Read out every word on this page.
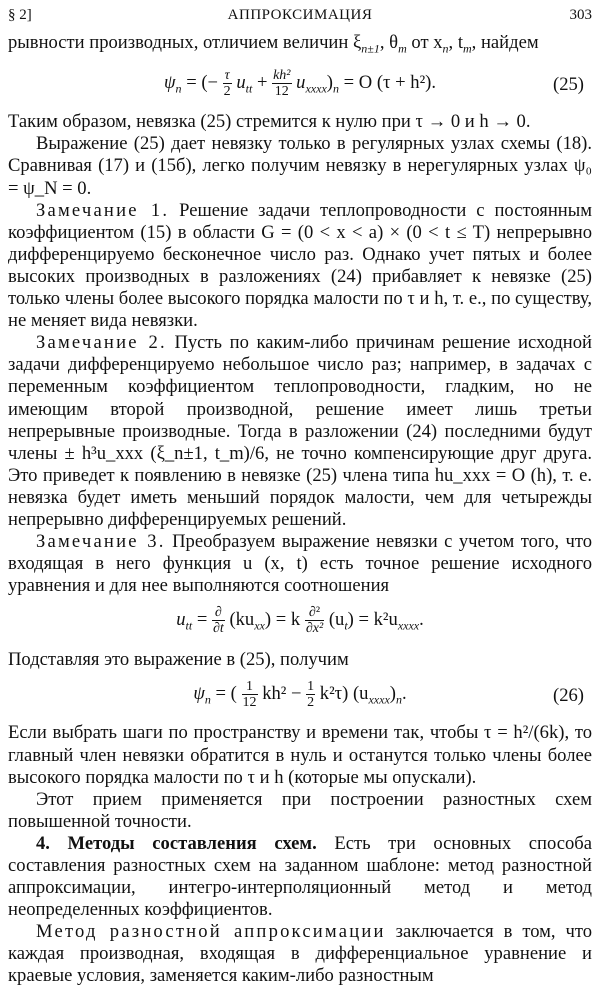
§ 2]	АППРОКСИМАЦИЯ	303

рывности производных, отличием величин $\xi_{n\pm 1}$, $\theta_m$ от $x_n$, $t_m$, найдем

$\psi_n$ = (− $\frac{\tau}{2} u_{tt} + \frac{\text{kh²}}{12} u_{xxxx})_n = O$ (τ + h²).	(25)

Таким образом, невязка (25) стремится к нулю при τ → 0 и h → 0.

Выражение (25) дает невязку только в регулярных узлах схемы (18). Сравнивая (17) и (15б), легко получим невязку в нерегулярных узлах ψ₀ = ψ_N = 0.

Замечание 1. Решение задачи теплопроводности с постоянным коэффициентом (15) в области G = (0 < x < a) × (0 < t ≤ T) непрерывно дифференцируемо бесконечное число раз. Однако учет пятых и более высоких производных в разложениях (24) прибавляет к невязке (25) только члены более высокого порядка малости по τ и h, т. е., по существу, не меняет вида невязки.

Замечание 2. Пусть по каким-либо причинам решение исходной задачи дифференцируемо небольшое число раз; например, в задачах с переменным коэффициентом теплопроводности, гладким, но не имеющим второй производной, решение имеет лишь третьи непрерывные производные. Тогда в разложении (24) последними будут члены ± h³u_xxx (ξ_n±1, t_m)/6, не точно компенсирующие друг друга. Это приведет к появлению в невязке (25) члена типа hu_xxx = O (h), т. е. невязка будет иметь меньший порядок малости, чем для четырежды непрерывно дифференцируемых решений.

Замечание 3. Преобразуем выражение невязки с учетом того, что входящая в него функция u (x, t) есть точное решение исходного уравнения и для нее выполняются соотношения

$u_{tt} = \frac{\partial}{\partial t} (ku_{xx}) = k \frac{\text{∂²}}{\text{∂x²}} (u_t) = k^2u_{xxxx}$.

Подставляя это выражение в (25), получим

$\psi_n$ = ( $\frac{1}{12} kh^2 - \frac{1}{2} k^2\tau$) $(u_{xxxx})_n$.	(26)

Если выбрать шаги по пространству и времени так, чтобы τ = h²/(6k), то главный член невязки обратится в нуль и останутся только члены более высокого порядка малости по τ и h (которые мы опускали).

Этот прием применяется при построении разностных схем повышенной точности.

4. Методы составления схем. Есть три основных способа составления разностных схем на заданном шаблоне: метод разностной аппроксимации, интегро-интерполяционный метод и метод неопределенных коэффициентов.

Метод разностной аппроксимации заключается в том, что каждая производная, входящая в дифференциальное уравнение и краевые условия, заменяется каким-либо разностным
